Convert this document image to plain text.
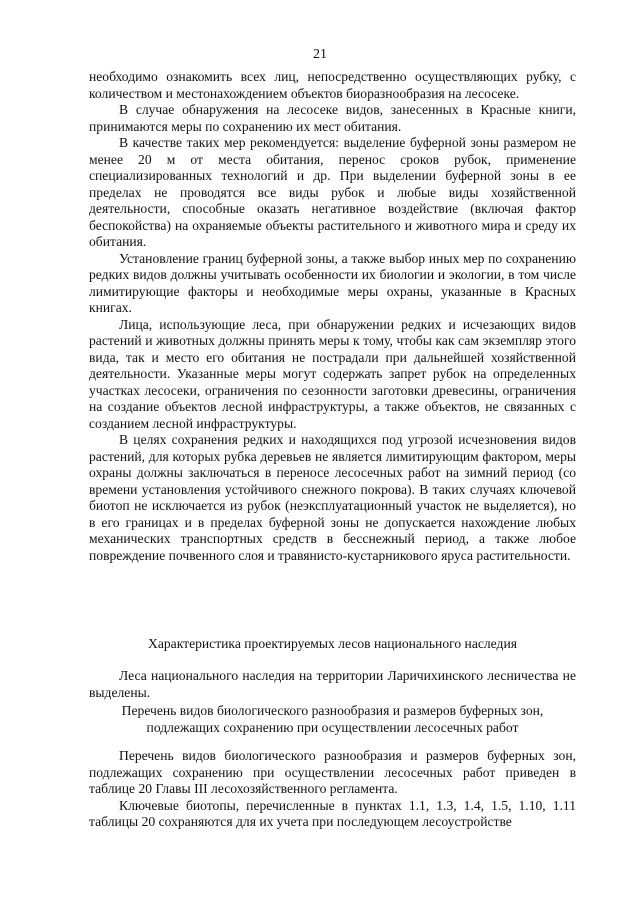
21

необходимо ознакомить всех лиц, непосредственно осуществляющих рубку, с количеством и местонахождением объектов биоразнообразия на лесосеке.

В случае обнаружения на лесосеке видов, занесенных в Красные книги, принимаются меры по сохранению их мест обитания.

В качестве таких мер рекомендуется: выделение буферной зоны размером не менее 20 м от места обитания, перенос сроков рубок, применение специализированных технологий и др. При выделении буферной зоны в ее пределах не проводятся все виды рубок и любые виды хозяйственной деятельности, способные оказать негативное воздействие (включая фактор беспокойства) на охраняемые объекты растительного и животного мира и среду их обитания.

Установление границ буферной зоны, а также выбор иных мер по сохранению редких видов должны учитывать особенности их биологии и экологии, в том числе лимитирующие факторы и необходимые меры охраны, указанные в Красных книгах.

Лица, использующие леса, при обнаружении редких и исчезающих видов растений и животных должны принять меры к тому, чтобы как сам экземпляр этого вида, так и место его обитания не пострадали при дальнейшей хозяйственной деятельности. Указанные меры могут содержать запрет рубок на определенных участках лесосеки, ограничения по сезонности заготовки древесины, ограничения на создание объектов лесной инфраструктуры, а также объектов, не связанных с созданием лесной инфраструктуры.

В целях сохранения редких и находящихся под угрозой исчезновения видов растений, для которых рубка деревьев не является лимитирующим фактором, меры охраны должны заключаться в переносе лесосечных работ на зимний период (со времени установления устойчивого снежного покрова). В таких случаях ключевой биотоп не исключается из рубок (неэксплуатационный участок не выделяется), но в его границах и в пределах буферной зоны не допускается нахождение любых механических транспортных средств в бесснежный период, а также любое повреждение почвенного слоя и травянисто-кустарникового яруса растительности.

Характеристика проектируемых лесов национального наследия

Леса национального наследия на территории Ларичихинского лесничества не выделены.

Перечень видов биологического разнообразия и размеров буферных зон,
подлежащих сохранению при осуществлении лесосечных работ

Перечень видов биологического разнообразия и размеров буферных зон, подлежащих сохранению при осуществлении лесосечных работ приведен в таблице 20 Главы III лесохозяйственного регламента.

Ключевые биотопы, перечисленные в пунктах 1.1, 1.3, 1.4, 1.5, 1.10, 1.11 таблицы 20 сохраняются для их учета при последующем лесоустройстве
